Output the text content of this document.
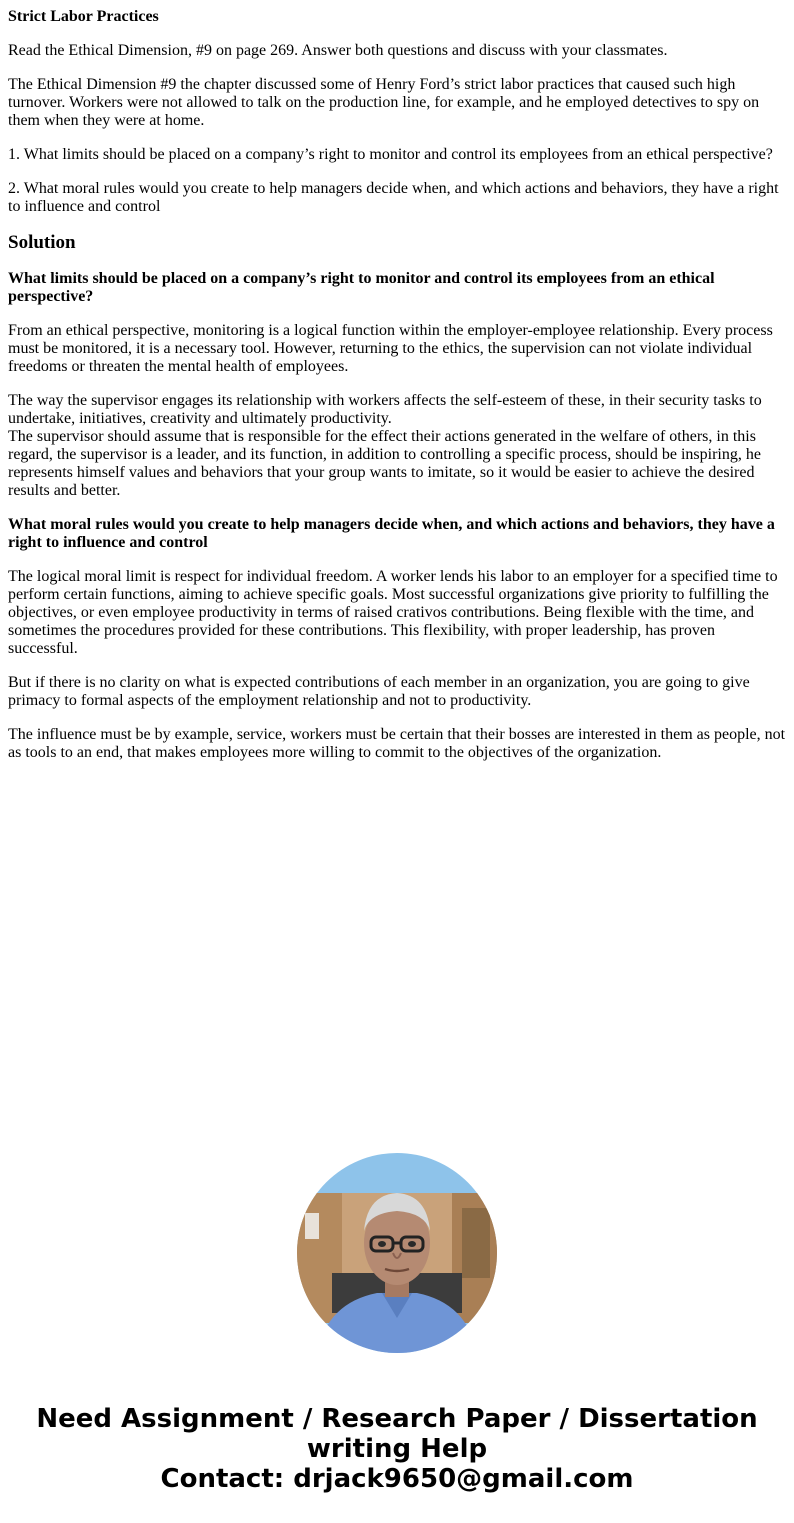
Strict Labor Practices

Read the Ethical Dimension, #9 on page 269. Answer both questions and discuss with your classmates.

The Ethical Dimension #9 the chapter discussed some of Henry Ford’s strict labor practices that caused such high turnover. Workers were not allowed to talk on the production line, for example, and he employed detectives to spy on them when they were at home.

1. What limits should be placed on a company’s right to monitor and control its employees from an ethical perspective?

2. What moral rules would you create to help managers decide when, and which actions and behaviors, they have a right to influence and control

Solution
What limits should be placed on a company’s right to monitor and control its employees from an ethical perspective?

From an ethical perspective, monitoring is a logical function within the employer-employee relationship. Every process must be monitored, it is a necessary tool. However, returning to the ethics, the supervision can not violate individual freedoms or threaten the mental health of employees.

The way the supervisor engages its relationship with workers affects the self-esteem of these, in their security tasks to undertake, initiatives, creativity and ultimately productivity.

The supervisor should assume that is responsible for the effect their actions generated in the welfare of others, in this regard, the supervisor is a leader, and its function, in addition to controlling a specific process, should be inspiring, he represents himself values and behaviors that your group wants to imitate, so it would be easier to achieve the desired results and better.

What moral rules would you create to help managers decide when, and which actions and behaviors, they have a right to influence and control

The logical moral limit is respect for individual freedom. A worker lends his labor to an employer for a specified time to perform certain functions, aiming to achieve specific goals. Most successful organizations give priority to fulfilling the objectives, or even employee productivity in terms of raised crativos contributions. Being flexible with the time, and sometimes the procedures provided for these contributions. This flexibility, with proper leadership, has proven successful.

But if there is no clarity on what is expected contributions of each member in an organization, you are going to give primacy to formal aspects of the employment relationship and not to productivity.

The influence must be by example, service, workers must be certain that their bosses are interested in them as people, not as tools to an end, that makes employees more willing to commit to the objectives of the organization.

Need Assignment / Research Paper / Dissertation writing Help
Contact: drjack9650@gmail.com
